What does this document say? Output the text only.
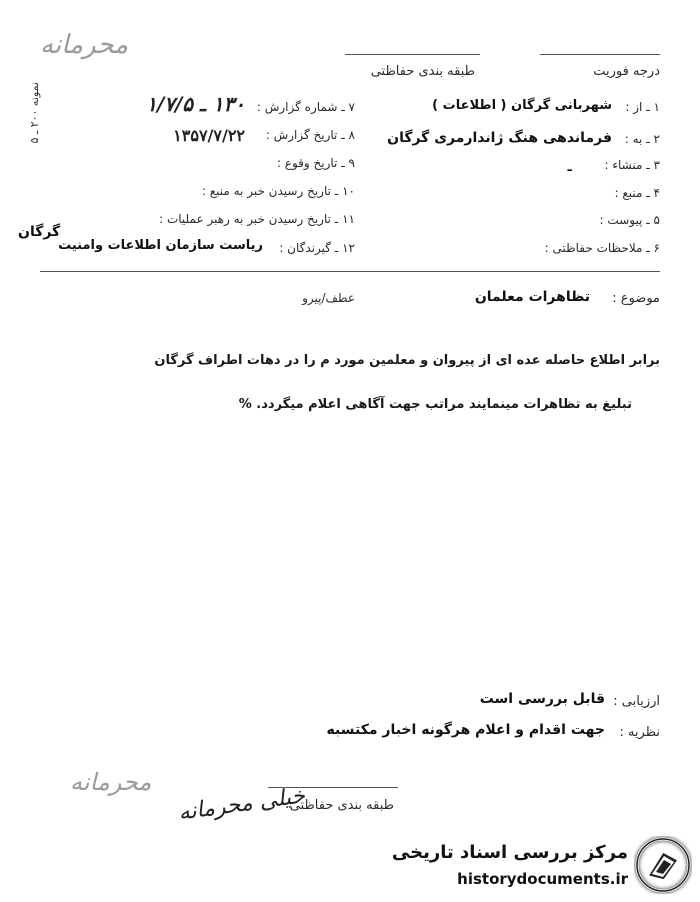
محرمانه
نمونه ۲۰۰ ـ ۵
طبقه بندی حفاظتی	درجه فوریت
۱ ـ از :
شهربانی گرگان ( اطلاعات )
۲ ـ به :
فرماندهی هنگ ژاندارمری گرگان
۳ ـ منشاء :
ـ
۴ ـ منبع :
۵ ـ پیوست :
۶ ـ ملاحظات حفاظتی :
۷ ـ شماره گزارش :
۱۳۰ ـ ۱/۷/۵
۸ ـ تاریخ گزارش :
۱۳۵۷/۷/۲۲
۹ ـ تاریخ وقوع :
۱۰ ـ تاریخ رسیدن خبر به منبع :
۱۱ ـ تاریخ رسیدن خبر به رهبر عملیات :
۱۲ ـ گیرندگان :
ریاست سازمان اطلاعات وامنیت
گرگان
موضوع :
تظاهرات معلمان
عطف/پیرو
برابر اطلاع حاصله عده ای از پیروان و معلمین مورد م را در دهات اطراف گرگان
تبلیغ به تظاهرات مینمایند مراتب جهت آگاهی اعلام میگردد. %
ارزیابی :
قابل بررسی است
نظریه :
جهت اقدام و اعلام هرگونه اخبار مکتسبه
طبقه بندی حفاظتی
محرمانه
خیلی محرمانه
مرکز بررسی اسناد تاریخی
historydocuments.ir
